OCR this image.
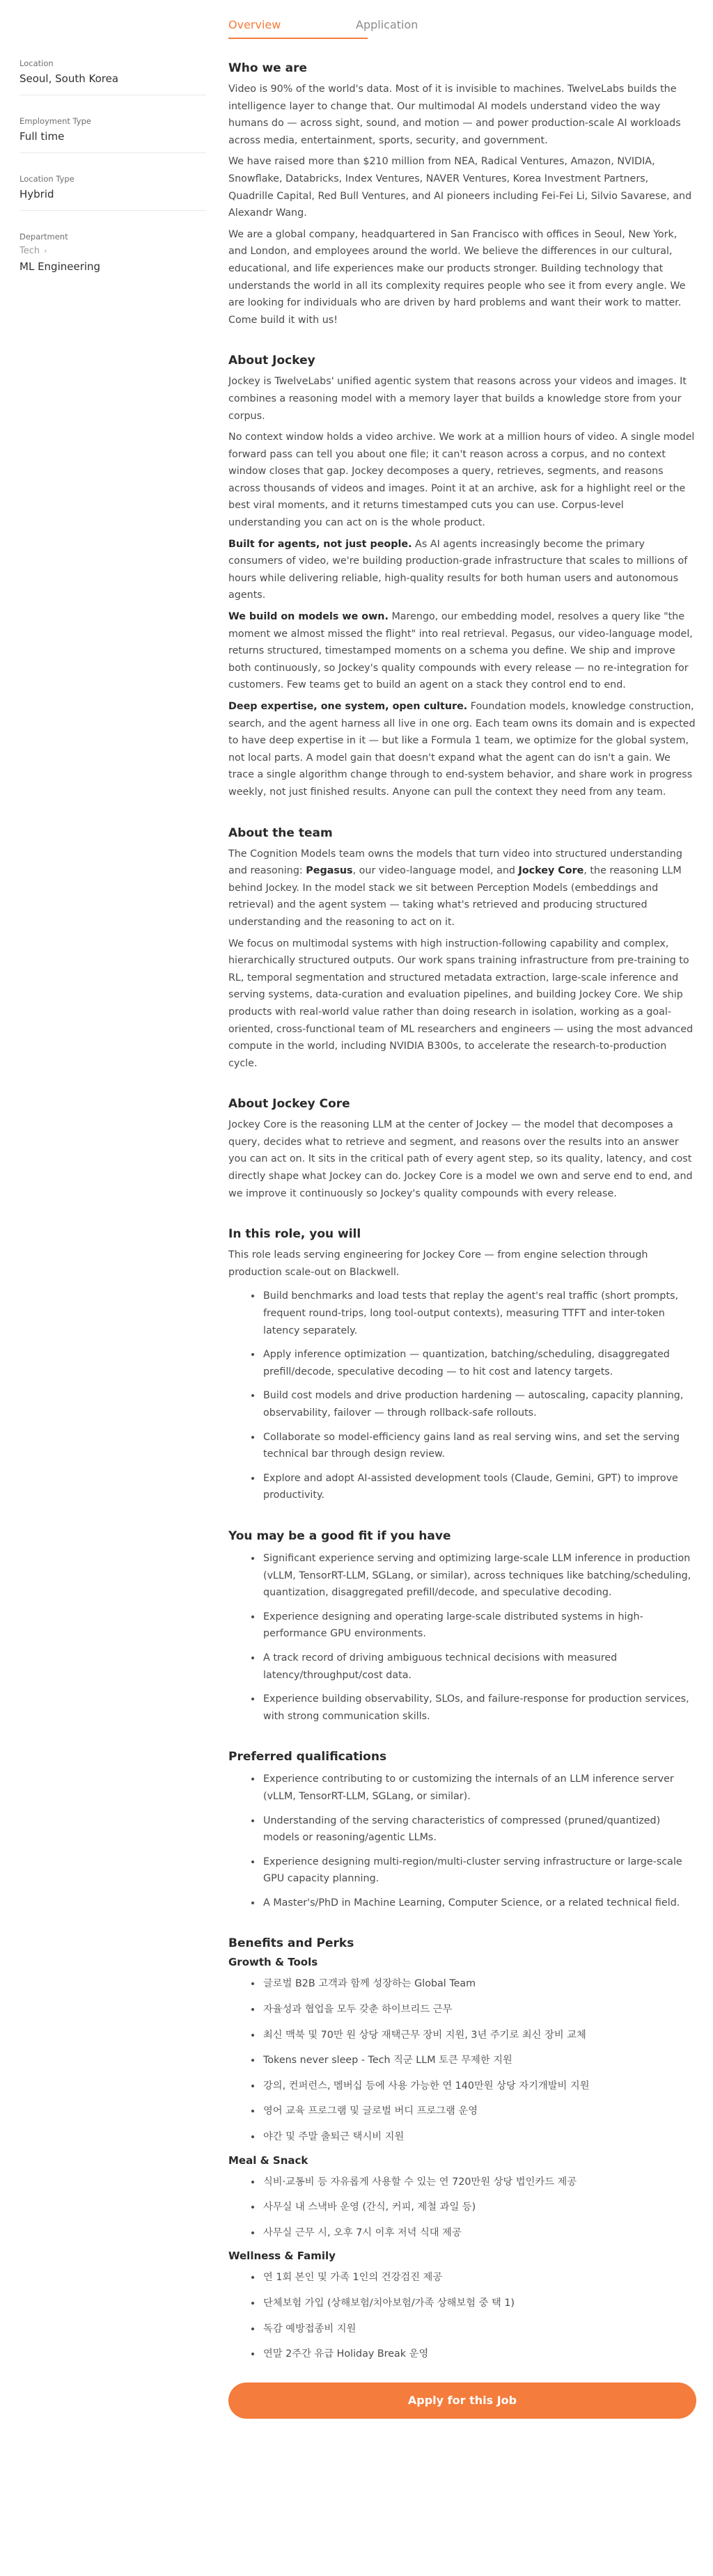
Location
Seoul, South Korea
Employment Type
Full time
Location Type
Hybrid
Department
Tech ›
ML Engineering
Overview	Application
Who we are

Video is 90% of the world's data. Most of it is invisible to machines. TwelveLabs builds the intelligence layer to change that. Our multimodal AI models understand video the way humans do — across sight, sound, and motion — and power production-scale AI workloads across media, entertainment, sports, security, and government.

We have raised more than $210 million from NEA, Radical Ventures, Amazon, NVIDIA, Snowflake, Databricks, Index Ventures, NAVER Ventures, Korea Investment Partners, Quadrille Capital, Red Bull Ventures, and AI pioneers including Fei-Fei Li, Silvio Savarese, and Alexandr Wang.

We are a global company, headquartered in San Francisco with offices in Seoul, New York, and London, and employees around the world. We believe the differences in our cultural, educational, and life experiences make our products stronger. Building technology that understands the world in all its complexity requires people who see it from every angle. We are looking for individuals who are driven by hard problems and want their work to matter. Come build it with us!

About Jockey

Jockey is TwelveLabs' unified agentic system that reasons across your videos and images. It combines a reasoning model with a memory layer that builds a knowledge store from your corpus.

No context window holds a video archive. We work at a million hours of video. A single model forward pass can tell you about one file; it can't reason across a corpus, and no context window closes that gap. Jockey decomposes a query, retrieves, segments, and reasons across thousands of videos and images. Point it at an archive, ask for a highlight reel or the best viral moments, and it returns timestamped cuts you can use. Corpus-level understanding you can act on is the whole product.

Built for agents, not just people. As AI agents increasingly become the primary consumers of video, we're building production-grade infrastructure that scales to millions of hours while delivering reliable, high-quality results for both human users and autonomous agents.

We build on models we own. Marengo, our embedding model, resolves a query like "the moment we almost missed the flight" into real retrieval. Pegasus, our video-language model, returns structured, timestamped moments on a schema you define. We ship and improve both continuously, so Jockey's quality compounds with every release — no re-integration for customers. Few teams get to build an agent on a stack they control end to end.

Deep expertise, one system, open culture. Foundation models, knowledge construction, search, and the agent harness all live in one org. Each team owns its domain and is expected to have deep expertise in it — but like a Formula 1 team, we optimize for the global system, not local parts. A model gain that doesn't expand what the agent can do isn't a gain. We trace a single algorithm change through to end-system behavior, and share work in progress weekly, not just finished results. Anyone can pull the context they need from any team.

About the team

The Cognition Models team owns the models that turn video into structured understanding and reasoning: Pegasus, our video-language model, and Jockey Core, the reasoning LLM behind Jockey. In the model stack we sit between Perception Models (embeddings and retrieval) and the agent system — taking what's retrieved and producing structured understanding and the reasoning to act on it.

We focus on multimodal systems with high instruction-following capability and complex, hierarchically structured outputs. Our work spans training infrastructure from pre-training to RL, temporal segmentation and structured metadata extraction, large-scale inference and serving systems, data-curation and evaluation pipelines, and building Jockey Core. We ship products with real-world value rather than doing research in isolation, working as a goal-oriented, cross-functional team of ML researchers and engineers — using the most advanced compute in the world, including NVIDIA B300s, to accelerate the research-to-production cycle.

About Jockey Core

Jockey Core is the reasoning LLM at the center of Jockey — the model that decomposes a query, decides what to retrieve and segment, and reasons over the results into an answer you can act on. It sits in the critical path of every agent step, so its quality, latency, and cost directly shape what Jockey can do. Jockey Core is a model we own and serve end to end, and we improve it continuously so Jockey's quality compounds with every release.

In this role, you will

This role leads serving engineering for Jockey Core — from engine selection through production scale-out on Blackwell.

• Build benchmarks and load tests that replay the agent's real traffic (short prompts, frequent round-trips, long tool-output contexts), measuring TTFT and inter-token latency separately.
• Apply inference optimization — quantization, batching/scheduling, disaggregated prefill/decode, speculative decoding — to hit cost and latency targets.
• Build cost models and drive production hardening — autoscaling, capacity planning, observability, failover — through rollback-safe rollouts.
• Collaborate so model-efficiency gains land as real serving wins, and set the serving technical bar through design review.
• Explore and adopt AI-assisted development tools (Claude, Gemini, GPT) to improve productivity.
You may be a good fit if you have
• Significant experience serving and optimizing large-scale LLM inference in production (vLLM, TensorRT-LLM, SGLang, or similar), across techniques like batching/scheduling, quantization, disaggregated prefill/decode, and speculative decoding.
• Experience designing and operating large-scale distributed systems in high-performance GPU environments.
• A track record of driving ambiguous technical decisions with measured latency/throughput/cost data.
• Experience building observability, SLOs, and failure-response for production services, with strong communication skills.
Preferred qualifications
• Experience contributing to or customizing the internals of an LLM inference server (vLLM, TensorRT-LLM, SGLang, or similar).
• Understanding of the serving characteristics of compressed (pruned/quantized) models or reasoning/agentic LLMs.
• Experience designing multi-region/multi-cluster serving infrastructure or large-scale GPU capacity planning.
• A Master's/PhD in Machine Learning, Computer Science, or a related technical field.
Benefits and Perks
Growth & Tools
• 글로벌 B2B 고객과 함께 성장하는 Global Team
• 자율성과 협업을 모두 갖춘 하이브리드 근무
• 최신 맥북 및 70만 원 상당 재택근무 장비 지원, 3년 주기로 최신 장비 교체
• Tokens never sleep - Tech 직군 LLM 토큰 무제한 지원
• 강의, 컨퍼런스, 멤버십 등에 사용 가능한 연 140만원 상당 자기개발비 지원
• 영어 교육 프로그램 및 글로벌 버디 프로그램 운영
• 야간 및 주말 출퇴근 택시비 지원
Meal & Snack
• 식비·교통비 등 자유롭게 사용할 수 있는 연 720만원 상당 법인카드 제공
• 사무실 내 스낵바 운영 (간식, 커피, 제철 과일 등)
• 사무실 근무 시, 오후 7시 이후 저녁 식대 제공
Wellness & Family
• 연 1회 본인 및 가족 1인의 건강검진 제공
• 단체보험 가입 (상해보험/치아보험/가족 상해보험 중 택 1)
• 독감 예방접종비 지원
• 연말 2주간 유급 Holiday Break 운영
Apply for this Job
